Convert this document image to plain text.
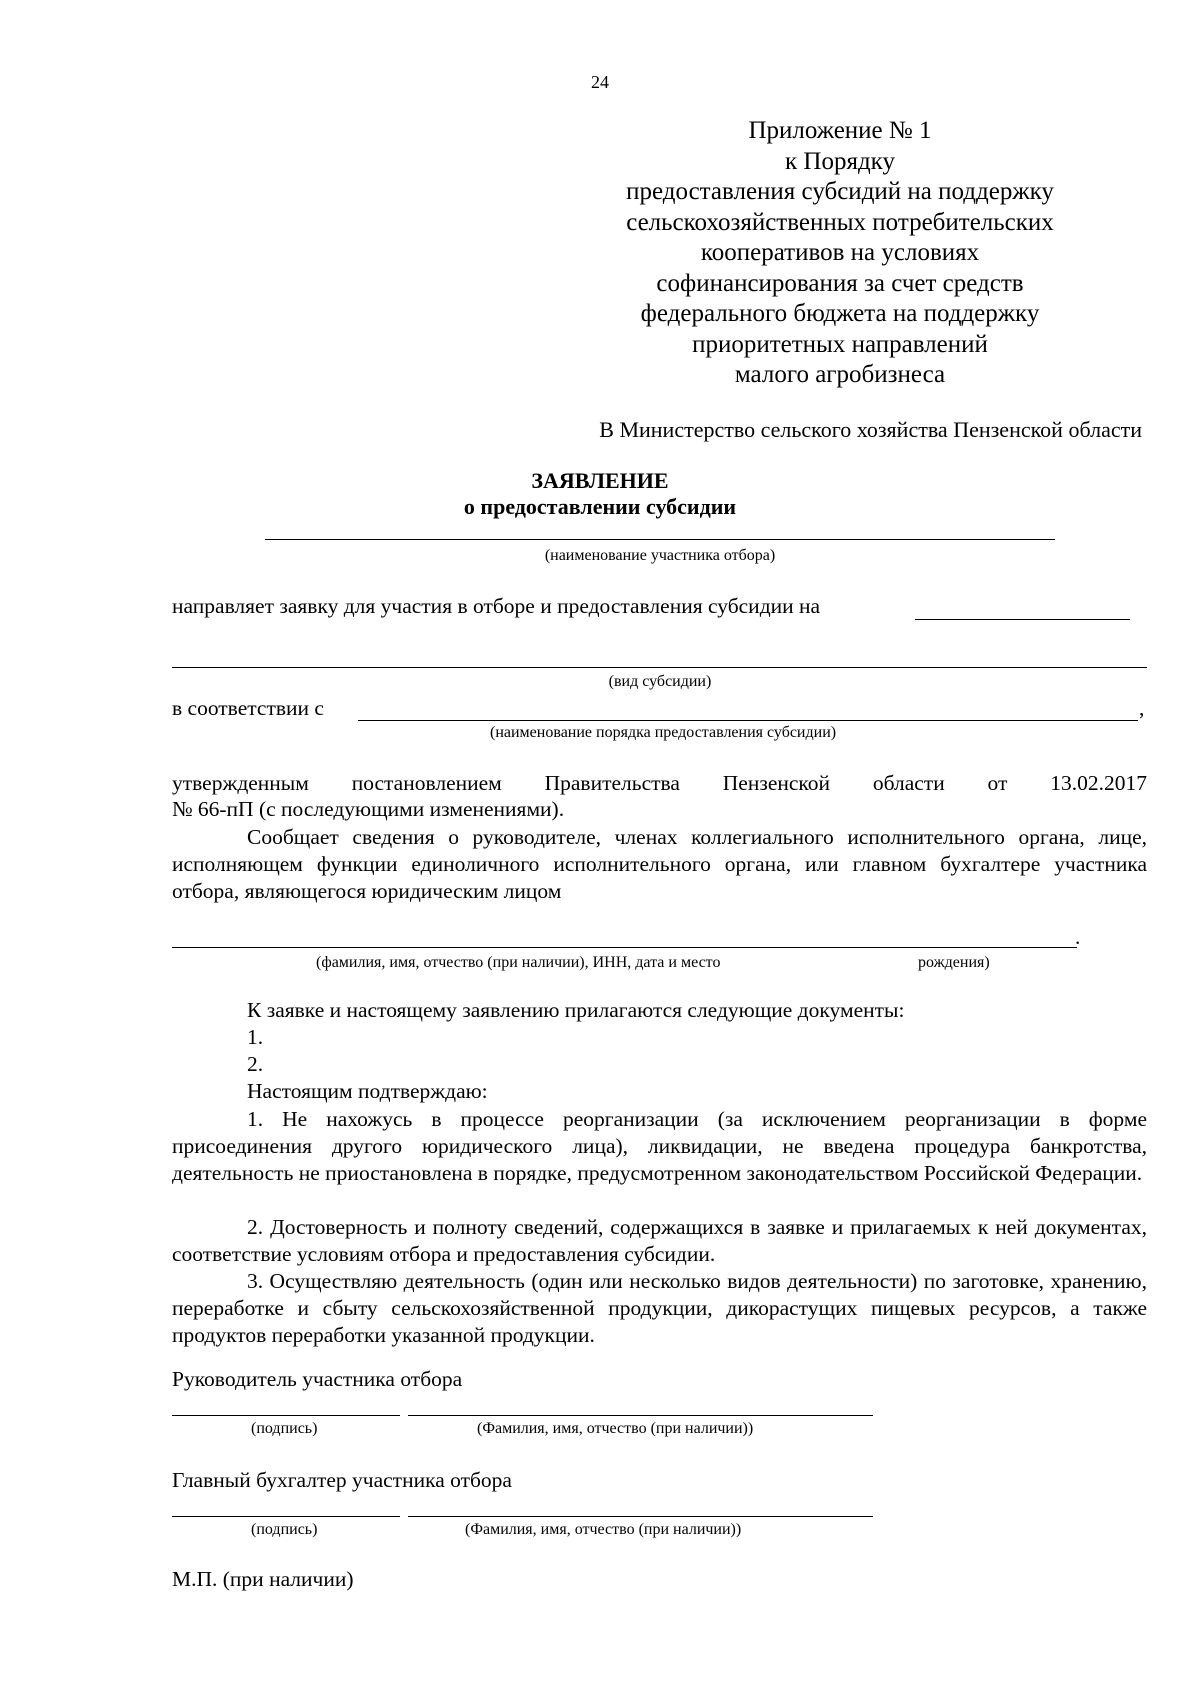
24
Приложение № 1
к Порядку
предоставления субсидий на поддержку
сельскохозяйственных потребительских
кооперативов на условиях
софинансирования за счет средств
федерального бюджета на поддержку
приоритетных направлений
малого агробизнеса
В Министерство сельского хозяйства Пензенской области
ЗАЯВЛЕНИЕ
о предоставлении субсидии
(наименование участника отбора)
направляет заявку для участия в отборе и предоставления субсидии на
(вид субсидии)
в соответствии с	,
(наименование порядка предоставления субсидии)
утвержденным постановлением Правительства Пензенской области от 13.02.2017
№ 66-пП (с последующими изменениями).

Сообщает сведения о руководителе, членах коллегиального исполнительного органа, лице, исполняющем функции единоличного исполнительного органа, или главном бухгалтере участника отбора, являющегося юридическим лицом

.
(фамилия, имя, отчество (при наличии), ИНН, дата и место	рождения)
К заявке и настоящему заявлению прилагаются следующие документы:
1.
2.
Настоящим подтверждаю:

1. Не нахожусь в процессе реорганизации (за исключением реорганизации в форме присоединения другого юридического лица), ликвидации, не введена процедура банкротства, деятельность не приостановлена в порядке, предусмотренном законодательством Российской Федерации.

2. Достоверность и полноту сведений, содержащихся в заявке и прилагаемых к ней документах, соответствие условиям отбора и предоставления субсидии.

3. Осуществляю деятельность (один или несколько видов деятельности) по заготовке, хранению, переработке и сбыту сельскохозяйственной продукции, дикорастущих пищевых ресурсов, а также продуктов переработки указанной продукции.

Руководитель участника отбора
(подпись)	(Фамилия, имя, отчество (при наличии))
Главный бухгалтер участника отбора
(подпись)	(Фамилия, имя, отчество (при наличии))
М.П. (при наличии)
